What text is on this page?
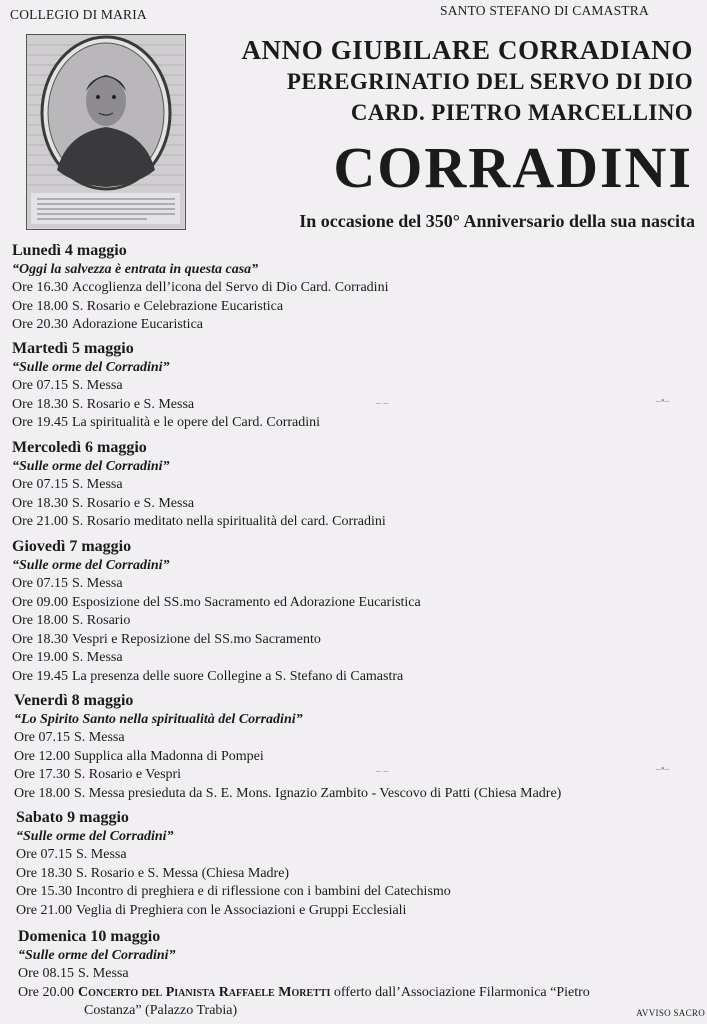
COLLEGIO DI MARIA	SANTO STEFANO DI CAMASTRA
ANNO GIUBILARE CORRADIANO
PEREGRINATIO DEL SERVO DI DIO
CARD. PIETRO MARCELLINO
CORRADINI
In occasione del 350° Anniversario della sua nascita
Lunedì 4 maggio
“Oggi la salvezza è entrata in questa casa”
Ore 16.30 Accoglienza dell’icona del Servo di Dio Card. Corradini
Ore 18.00 S. Rosario e Celebrazione Eucaristica
Ore 20.30 Adorazione Eucaristica
Martedì 5 maggio
“Sulle orme del Corradini”
Ore 07.15 S. Messa
Ore 18.30 S. Rosario e S. Messa
Ore 19.45 La spiritualità e le opere del Card. Corradini
Mercoledì 6 maggio
“Sulle orme del Corradini”
Ore 07.15 S. Messa
Ore 18.30 S. Rosario e S. Messa
Ore 21.00 S. Rosario meditato nella spiritualità del card. Corradini
Giovedì 7 maggio
“Sulle orme del Corradini”
Ore 07.15 S. Messa
Ore 09.00 Esposizione del SS.mo Sacramento ed Adorazione Eucaristica
Ore 18.00 S. Rosario
Ore 18.30 Vespri e Reposizione del SS.mo Sacramento
Ore 19.00 S. Messa
Ore 19.45 La presenza delle suore Collegine a S. Stefano di Camastra
Venerdì 8 maggio
“Lo Spirito Santo nella spiritualità del Corradini”
Ore 07.15 S. Messa
Ore 12.00 Supplica alla Madonna di Pompei
Ore 17.30 S. Rosario e Vespri
Ore 18.00 S. Messa presieduta da S. E. Mons. Ignazio Zambito - Vescovo di Patti (Chiesa Madre)
Sabato 9 maggio
“Sulle orme del Corradini”
Ore 07.15 S. Messa
Ore 18.30 S. Rosario e S. Messa (Chiesa Madre)
Ore 15.30 Incontro di preghiera e di riflessione con i bambini del Catechismo
Ore 21.00 Veglia di Preghiera con le Associazioni e Gruppi Ecclesiali
Domenica 10 maggio
“Sulle orme del Corradini”
Ore 08.15 S. Messa
Ore 20.00 Concerto del Pianista Raffaele Moretti offerto dall’Associazione Filarmonica “Pietro
Costanza” (Palazzo Trabia)
– –	–•–
– –	–•–
AVVISO SACRO
